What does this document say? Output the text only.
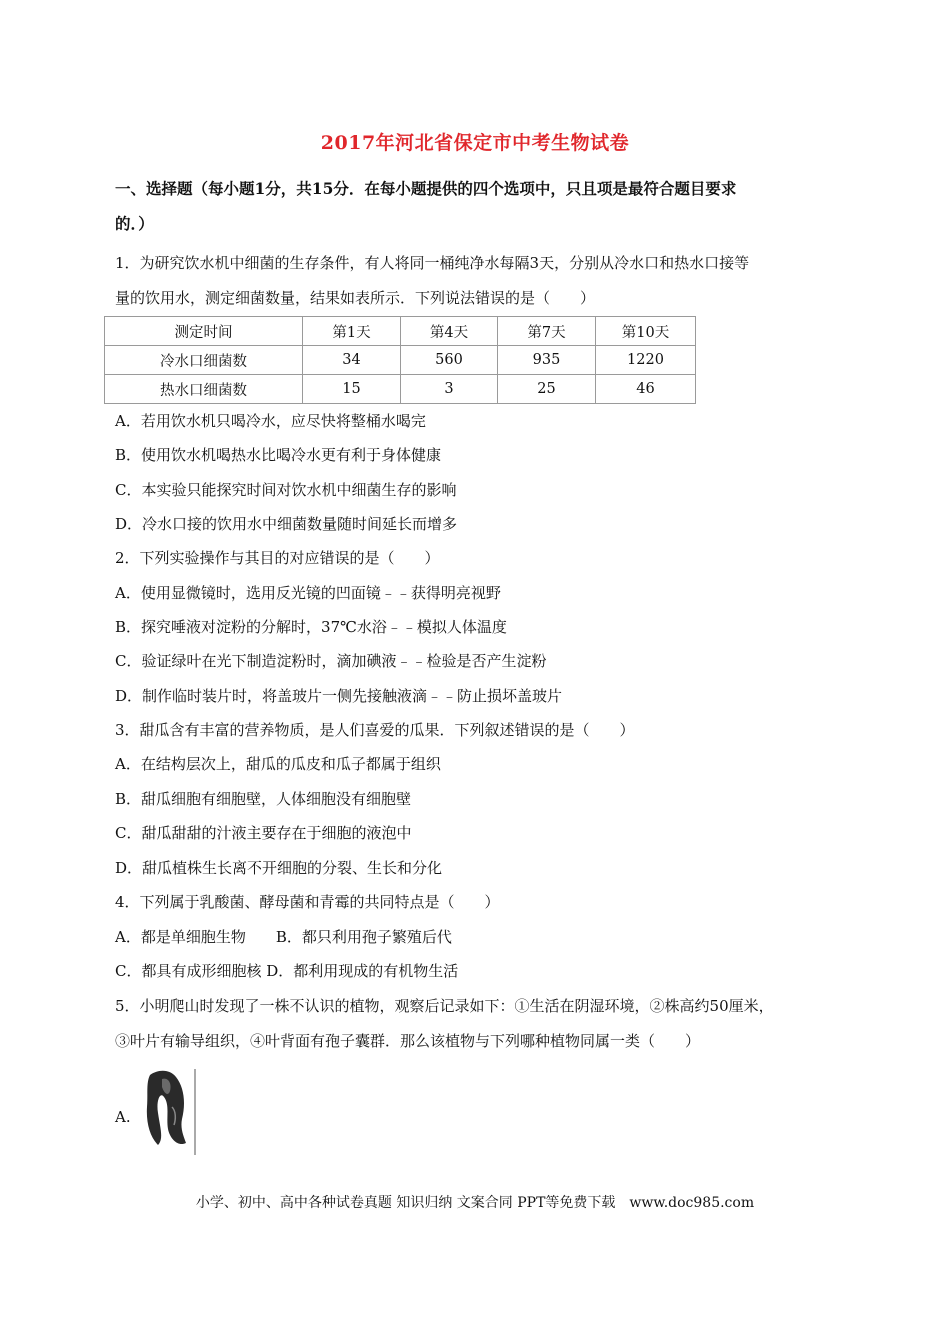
2017年河北省保定市中考生物试卷
一、选择题（每小题1分，共15分．在每小题提供的四个选项中，只且项是最符合题目要求
的．）
1．为研究饮水机中细菌的生存条件，有人将同一桶纯净水每隔3天，分别从冷水口和热水口接等
量的饮用水，测定细菌数量，结果如表所示．下列说法错误的是（　　）
测定时间	第1天	第4天	第7天	第10天
冷水口细菌数	34	560	935	1220
热水口细菌数	15	3	25	46
A．若用饮水机只喝冷水，应尽快将整桶水喝完
B．使用饮水机喝热水比喝冷水更有利于身体健康
C．本实验只能探究时间对饮水机中细菌生存的影响
D．冷水口接的饮用水中细菌数量随时间延长而增多
2．下列实验操作与其目的对应错误的是（　　）
A．使用显微镜时，选用反光镜的凹面镜﹣﹣获得明亮视野
B．探究唾液对淀粉的分解时，37℃水浴﹣﹣模拟人体温度
C．验证绿叶在光下制造淀粉时，滴加碘液﹣﹣检验是否产生淀粉
D．制作临时装片时，将盖玻片一侧先接触液滴﹣﹣防止损坏盖玻片
3．甜瓜含有丰富的营养物质，是人们喜爱的瓜果．下列叙述错误的是（　　）
A．在结构层次上，甜瓜的瓜皮和瓜子都属于组织
B．甜瓜细胞有细胞壁，人体细胞没有细胞壁
C．甜瓜甜甜的汁液主要存在于细胞的液泡中
D．甜瓜植株生长离不开细胞的分裂、生长和分化
4．下列属于乳酸菌、酵母菌和青霉的共同特点是（　　）
A．都是单细胞生物　　B．都只利用孢子繁殖后代
C．都具有成形细胞核 D．都利用现成的有机物生活
5．小明爬山时发现了一株不认识的植物，观察后记录如下：①生活在阴湿环境，②株高约50厘米，
③叶片有输导组织，④叶背面有孢子囊群．那么该植物与下列哪种植物同属一类（　　）
A.
小学、初中、高中各种试卷真题 知识归纳 文案合同 PPT等免费下载　www.doc985.com
